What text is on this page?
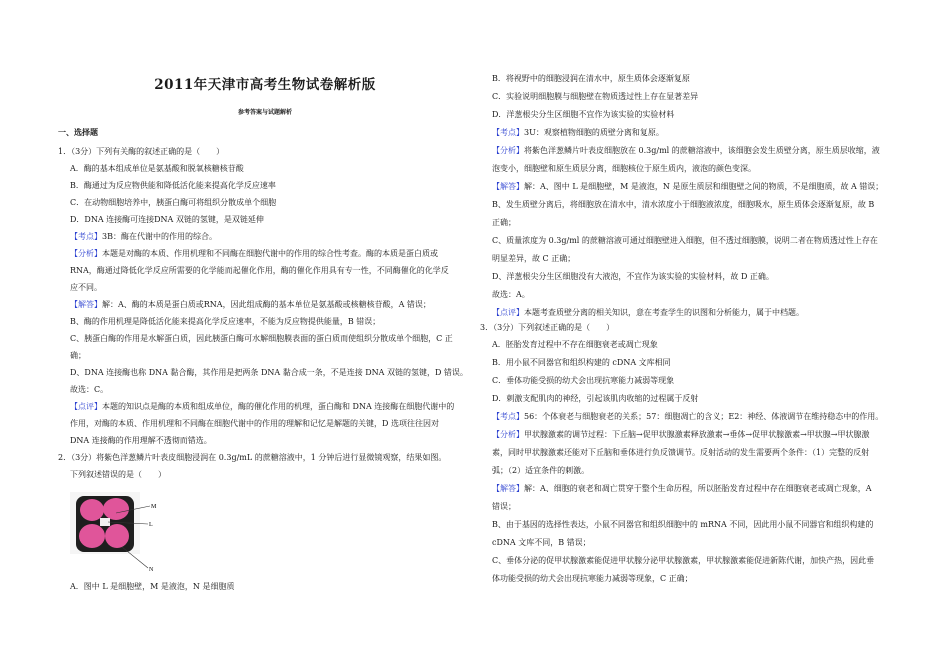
2011年天津市高考生物试卷解析版
参考答案与试题解析
一、选择题
1．（3分）下列有关酶的叙述正确的是（　　）
A．酶的基本组成单位是氨基酸和脱氧核糖核苷酸
B．酶通过为反应物供能和降低活化能来提高化学反应速率
C．在动物细胞培养中，胰蛋白酶可将组织分散成单个细胞
D．DNA 连接酶可连接DNA 双链的氢键，是双链延伸
【考点】3B：酶在代谢中的作用的综合。
【分析】本题是对酶的本质、作用机理和不同酶在细胞代谢中的作用的综合性考查。酶的本质是蛋白质或
RNA，酶通过降低化学反应所需要的化学能而起催化作用，酶的催化作用具有专一性，不同酶催化的化学反
应不同。
【解答】解：A、酶的本质是蛋白质或RNA，因此组成酶的基本单位是氨基酸或核糖核苷酸，A 错误；
B、酶的作用机理是降低活化能来提高化学反应速率，不能为反应物提供能量，B 错误；
C、胰蛋白酶的作用是水解蛋白质，因此胰蛋白酶可水解细胞膜表面的蛋白质而使组织分散成单个细胞，C 正
确；
D、DNA 连接酶也称 DNA 黏合酶，其作用是把两条 DNA 黏合成一条，不是连接 DNA 双链的氢键，D 错误。
故选：C。
【点评】本题的知识点是酶的本质和组成单位，酶的催化作用的机理，蛋白酶和 DNA 连接酶在细胞代谢中的
作用，对酶的本质、作用机理和不同酶在细胞代谢中的作用的理解和记忆是解题的关键，D 选项往往因对
DNA 连接酶的作用理解不透彻而错选。
2．（3分）将紫色洋葱鳞片叶表皮细胞浸润在 0.3g/mL 的蔗糖溶液中，1 分钟后进行显微镜观察，结果如图。
下列叙述错误的是（　　）
A．图中 L 是细胞壁，M 是液泡，N 是细胞质
B．将视野中的细胞浸润在清水中，原生质体会逐渐复原
C．实验说明细胞膜与细胞壁在物质透过性上存在显著差异
D．洋葱根尖分生区细胞不宜作为该实验的实验材料
【考点】3U：观察植物细胞的质壁分离和复原。
【分析】将紫色洋葱鳞片叶表皮细胞放在 0.3g/ml 的蔗糖溶液中，该细胞会发生质壁分离，原生质层收缩，液
泡变小，细胞壁和原生质层分离，细胞核位于原生质内，液泡的颜色变深。
【解答】解：A、图中 L 是细胞壁，M 是液泡，N 是原生质层和细胞壁之间的物质，不是细胞质，故 A 错误；
B、发生质壁分离后，将细胞放在清水中，清水浓度小于细胞液浓度，细胞吸水，原生质体会逐渐复原，故 B
正确；
C、质量浓度为 0.3g/ml 的蔗糖溶液可通过细胞壁进入细胞，但不透过细胞膜，说明二者在物质透过性上存在
明显差异，故 C 正确；
D、洋葱根尖分生区细胞没有大液泡，不宜作为该实验的实验材料，故 D 正确。
故选：A。
【点评】本题考查质壁分离的相关知识，意在考查学生的识图和分析能力，属于中档题。
3．（3分）下列叙述正确的是（　　）
A．胚胎发育过程中不存在细胞衰老或凋亡现象
B．用小鼠不同器官和组织构建的 cDNA 文库相同
C．垂体功能受损的幼犬会出现抗寒能力减弱等现象
D．刺激支配肌肉的神经，引起该肌肉收缩的过程属于反射
【考点】56：个体衰老与细胞衰老的关系；57：细胞凋亡的含义；E2：神经、体液调节在维持稳态中的作用。
【分析】甲状腺激素的调节过程：下丘脑→促甲状腺激素释放激素→垂体→促甲状腺激素→甲状腺→甲状腺激
素，同时甲状腺激素还能对下丘脑和垂体进行负反馈调节。反射活动的发生需要两个条件：（1）完整的反射
弧；（2）适宜条件的刺激。
【解答】解：A、细胞的衰老和凋亡贯穿于整个生命历程，所以胚胎发育过程中存在细胞衰老或凋亡现象，A
错误；
B、由于基因的选择性表达，小鼠不同器官和组织细胞中的 mRNA 不同，因此用小鼠不同器官和组织构建的
cDNA 文库不同，B 错误；
C、垂体分泌的促甲状腺激素能促进甲状腺分泌甲状腺激素，甲状腺激素能促进新陈代谢，加快产热，因此垂
体功能受损的幼犬会出现抗寒能力减弱等现象，C 正确；
M
L
N
